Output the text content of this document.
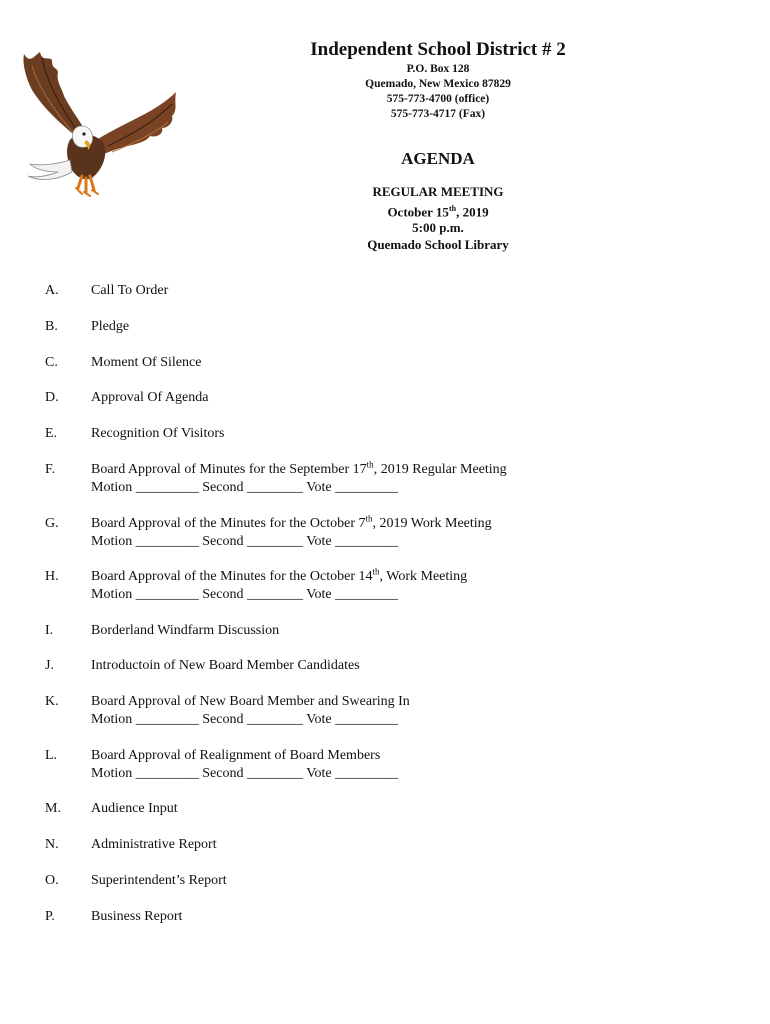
Independent School District # 2
P.O. Box 128
Quemado, New Mexico 87829
575-773-4700 (office)
575-773-4717 (Fax)
AGENDA
REGULAR MEETING
October 15th, 2019
5:00 p.m.
Quemado School Library
A. Call To Order
B. Pledge
C. Moment Of Silence
D. Approval Of Agenda
E. Recognition Of Visitors
F.	Board Approval of Minutes for the September 17th, 2019 Regular Meeting
Motion _________ Second ________ Vote _________
G. Board Approval of the Minutes for the October 7th, 2019 Work Meeting
Motion _________ Second ________ Vote _________
H. Board Approval of the Minutes for the October 14th, Work Meeting
Motion _________ Second ________ Vote _________
I.	Borderland Windfarm Discussion
J.	Introductoin of New Board Member Candidates
K. Board Approval of New Board Member and Swearing In
Motion _________ Second ________ Vote _________
L. Board Approval of Realignment of Board Members
Motion _________ Second ________ Vote _________
M. Audience Input
N. Administrative Report
O. Superintendent’s Report
P.	Business Report
